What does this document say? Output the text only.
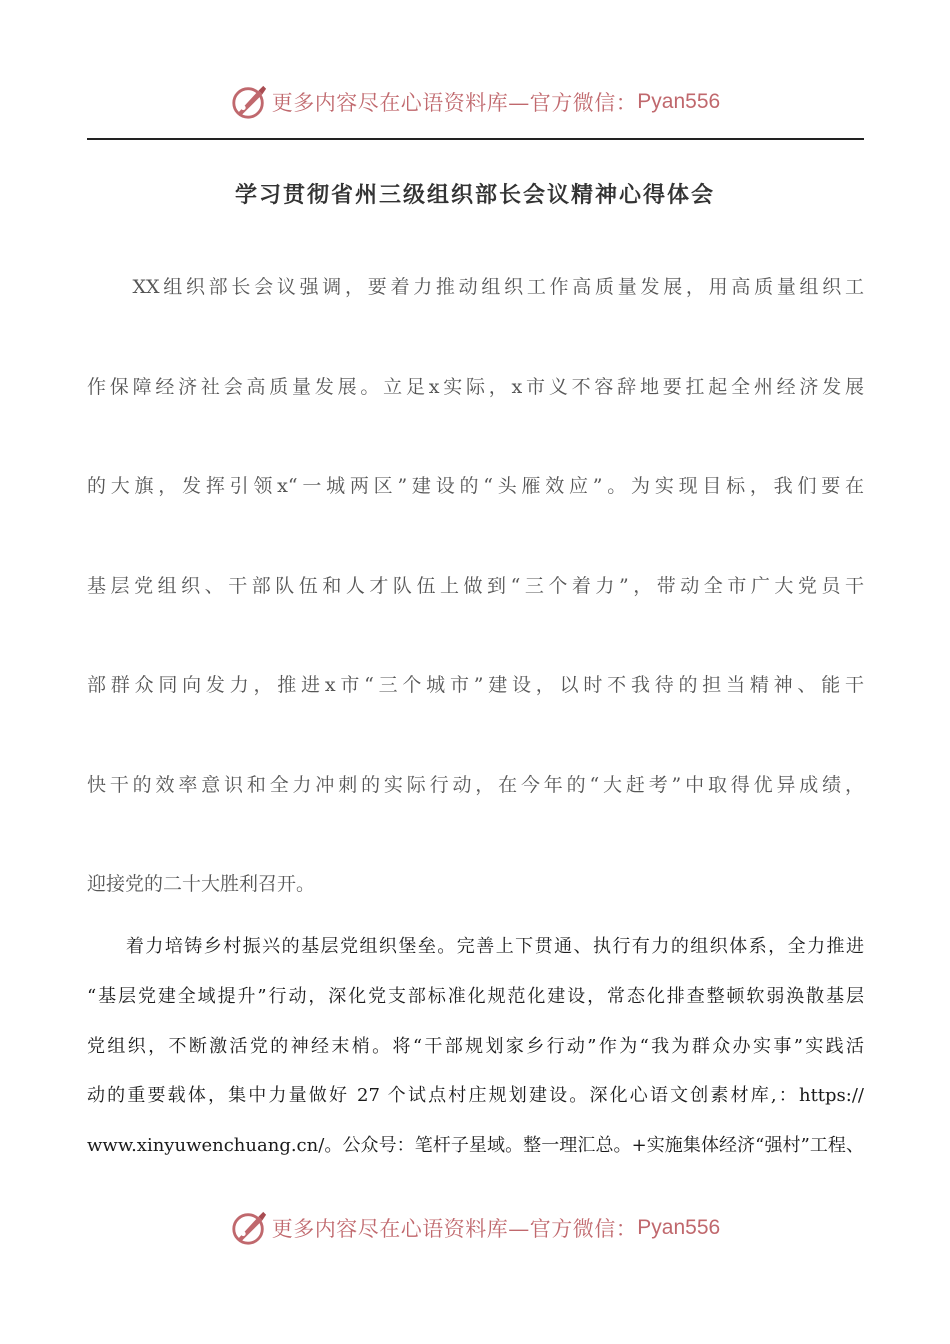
更多内容尽在心语资料库—官方微信： Pyan556
学习贯彻省州三级组织部长会议精神心得体会
　　XX组织部长会议强调，要着力推动组织工作高质量发展，用高质量组织工
作保障经济社会高质量发展。立足x实际，x市义不容辞地要扛起全州经济发展
的大旗，发挥引领x“一城两区”建设的“头雁效应”。为实现目标，我们要在
基层党组织、干部队伍和人才队伍上做到“三个着力”，带动全市广大党员干
部群众同向发力，推进x市“三个城市”建设，以时不我待的担当精神、能干
快干的效率意识和全力冲刺的实际行动，在今年的“大赶考”中取得优异成绩，
迎接党的二十大胜利召开。
　　着力培铸乡村振兴的基层党组织堡垒。完善上下贯通、执行有力的组织体系，全力推进
“基层党建全域提升”行动，深化党支部标准化规范化建设，常态化排查整顿软弱涣散基层
党组织，不断激活党的神经末梢。将“干部规划家乡行动”作为“我为群众办实事”实践活
动的重要载体，集中力量做好 27 个试点村庄规划建设。深化心语文创素材库,：https://
www.xinyuwenchuang.cn/。公众号：笔杆子星域。整一理汇总。+实施集体经济“强村”工程、
更多内容尽在心语资料库—官方微信： Pyan556
